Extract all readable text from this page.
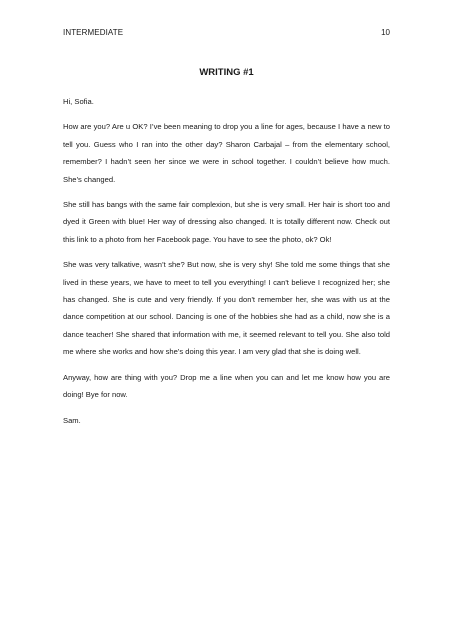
INTERMEDIATE	10
WRITING #1

Hi, Sofia.

How are you? Are u OK? I’ve been meaning to drop you a line for ages, because I have a new to tell you. Guess who I ran into the other day? Sharon Carbajal – from the elementary school, remember? I hadn’t seen her since we were in school together. I couldn’t believe how much. She’s changed.

She still has bangs with the same fair complexion, but she is very small. Her hair is short too and dyed it Green with blue! Her way of dressing also changed. It is totally different now. Check out this link to a photo from her Facebook page. You have to see the photo, ok? Ok!

She was very talkative, wasn’t she? But now, she is very shy! She told me some things that she lived in these years, we have to meet to tell you everything! I can't believe I recognized her; she has changed. She is cute and very friendly. If you don't remember her, she was with us at the dance competition at our school. Dancing is one of the hobbies she had as a child, now she is a dance teacher! She shared that information with me, it seemed relevant to tell you. She also told me where she works and how she’s doing this year. I am very glad that she is doing well.

Anyway, how are thing with you? Drop me a line when you can and let me know how you are doing! Bye for now.

Sam.
